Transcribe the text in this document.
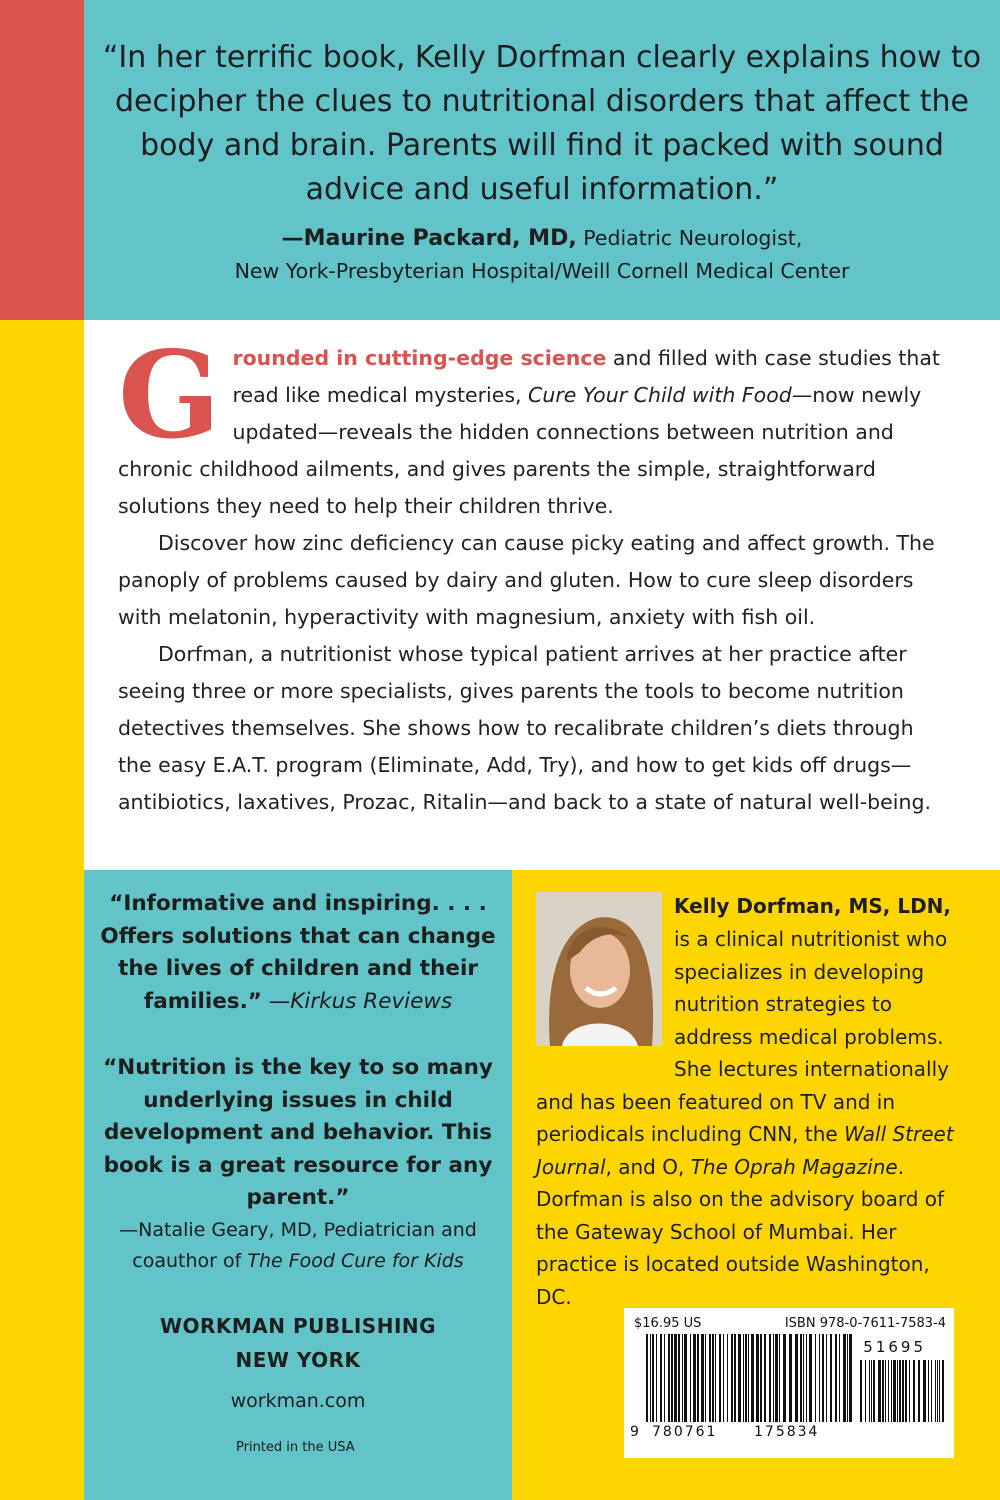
“In her terrific book, Kelly Dorfman clearly explains how to decipher the clues to nutritional disorders that affect the body and brain. Parents will find it packed with sound advice and useful information.”
—Maurine Packard, MD, Pediatric Neurologist,
New York-Presbyterian Hospital/Weill Cornell Medical Center

Grounded in cutting-edge science and filled with case studies that read like medical mysteries, Cure Your Child with Food—now newly updated—reveals the hidden connections between nutrition and chronic childhood ailments, and gives parents the simple, straightforward solutions they need to help their children thrive.

Discover how zinc deficiency can cause picky eating and affect growth. The panoply of problems caused by dairy and gluten. How to cure sleep disorders with melatonin, hyperactivity with magnesium, anxiety with fish oil.

Dorfman, a nutritionist whose typical patient arrives at her practice after seeing three or more specialists, gives parents the tools to become nutrition detectives themselves. She shows how to recalibrate children’s diets through the easy E.A.T. program (Eliminate, Add, Try), and how to get kids off drugs—antibiotics, laxatives, Prozac, Ritalin—and back to a state of natural well-being.

“Informative and inspiring. . . . Offers solutions that can change the lives of children and their families.” —Kirkus Reviews
“Nutrition is the key to so many underlying issues in child development and behavior. This book is a great resource for any parent.”
—Natalie Geary, MD, Pediatrician and coauthor of The Food Cure for Kids
WORKMAN PUBLISHING
NEW YORK
workman.com
Printed in the USA
Kelly Dorfman, MS, LDN,
is a clinical nutritionist who specializes in developing nutrition strategies to address medical problems. She lectures internationally and has been featured on TV and in periodicals including CNN, the Wall Street Journal, and O, The Oprah Magazine. Dorfman is also on the advisory board of the Gateway School of Mumbai. Her practice is located outside Washington, DC.
$16.95 US	ISBN 978-0-7611-7583-4
51695
9 780761	175834
